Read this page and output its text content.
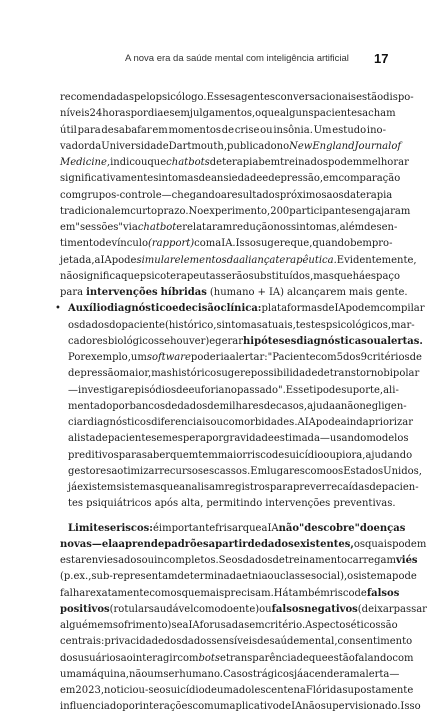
A nova era da saúde mental com inteligência artificial 17
recomendadas pelo psicólogo. Esses agentes conversacionais estão dispo-
níveis 24 horas por dia e sem julgamentos, o que alguns pacientes acham
útil para desabafar em momentos de crise ou insônia. Um estudo ino-
vador da Universidade Dartmouth, publicado no New England Journal of
Medicine, indicou que chatbots de terapia bem treinados podem melhorar
significativamente sintomas de ansiedade e depressão, em comparação
com grupos-controle — chegando a resultados próximos aos da terapia
tradicional em curto prazo. No experimento, 200 participantes engajaram
em "sessões" via chatbot e relataram redução nos sintomas, além de sen-
timento de vínculo (rapport) com a IA. Isso sugere que, quando bem pro-
jetada, a IA pode simular elementos da aliança terapêutica. Evidentemente,
não significa que psicoterapeutas serão substituídos, mas que há espaço
para intervenções híbridas (humano + IA) alcançarem mais gente.
• Auxílio diagnóstico e decisão clínica: plataformas de IA podem compilar
os dados do paciente (histórico, sintomas atuais, testes psicológicos, mar-
cadores biológicos se houver) e gerar hipóteses diagnósticas ou alertas.
Por exemplo, um software poderia alertar: "Paciente com 5 dos 9 critérios de
depressão maior, mas histórico sugere possibilidade de transtorno bipolar
— investigar episódios de euforia no passado". Esse tipo de suporte, ali-
mentado por bancos de dados de milhares de casos, ajuda a não negligen-
ciar diagnósticos diferenciais ou comorbidades. A IA pode ainda priorizar
a lista de pacientes em espera por gravidade estimada — usando modelos
preditivos para saber quem tem maior risco de suicídio ou piora, ajudando
gestores a otimizar recursos escassos. Em lugares como os Estados Unidos,
já existem sistemas que analisam registros para prever recaídas de pacien-
tes psiquiátricos após alta, permitindo intervenções preventivas.
Limites e riscos: é importante frisar que a IA não "descobre" doenças
novas — ela aprende padrões a partir de dados existentes, os quais podem
estar enviesados ou incompletos. Se os dados de treinamento carregam viés
(p. ex., sub-representam determinada etnia ou classe social), o sistema pode
falhar exatamente com os que mais precisam. Há também risco de falsos
positivos (rotular saudável como doente) ou falsos negativos (deixar passar
alguém em sofrimento) se a IA for usada sem critério. Aspectos éticos são
centrais: privacidade dos dados sensíveis de saúde mental, consentimento
dos usuários ao interagir com bots e transparência de que estão falando com
uma máquina, não um ser humano. Casos trágicos já acenderam alerta —
em 2023, noticiou-se o suicídio de um adolescente na Flórida supostamente
influenciado por interações com um aplicativo de IA não supervisionado. Isso
